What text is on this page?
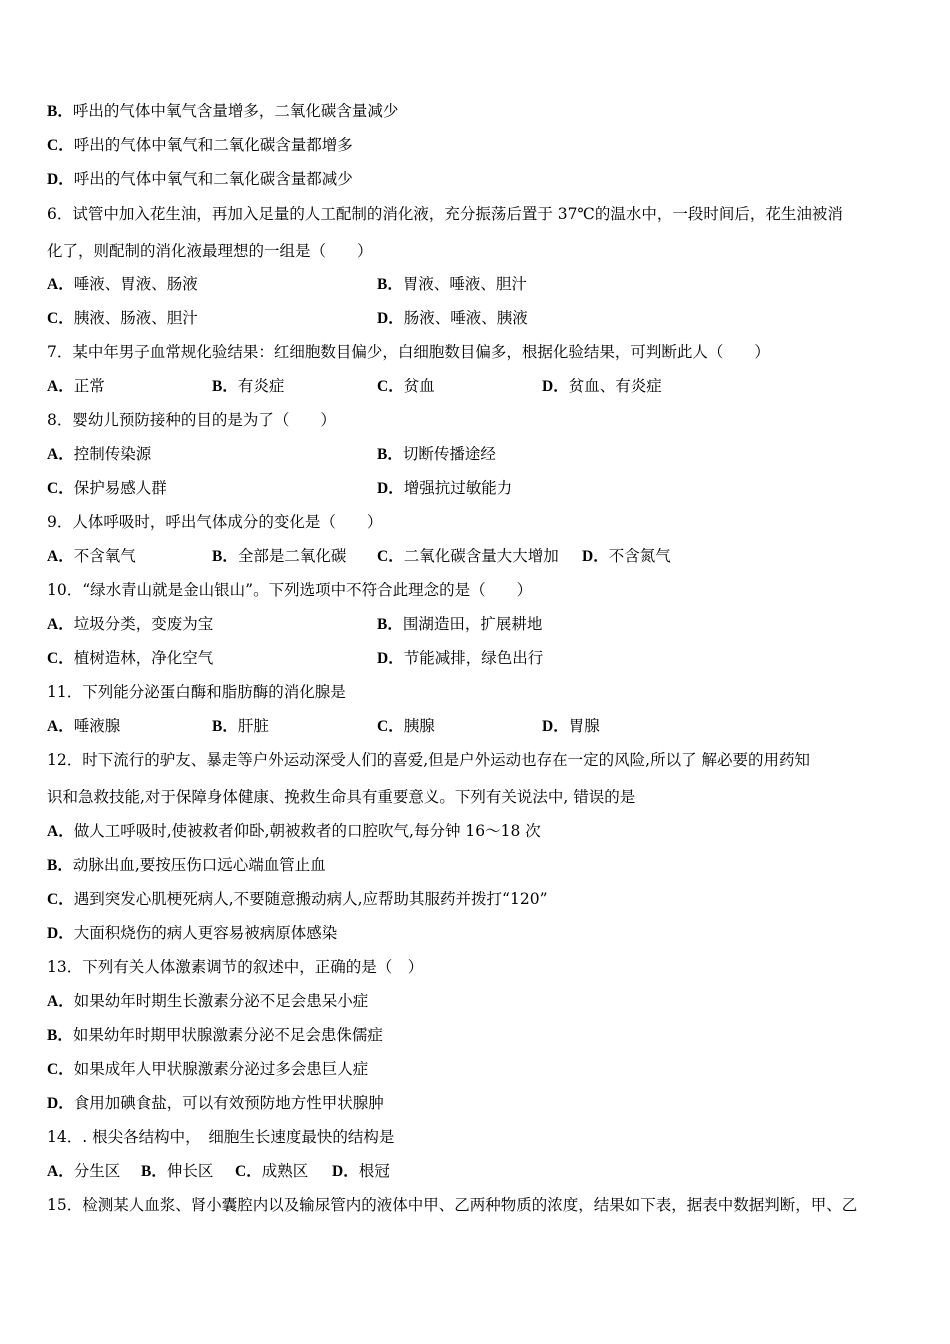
B．呼出的气体中氧气含量增多，二氧化碳含量减少
C．呼出的气体中氧气和二氧化碳含量都增多
D．呼出的气体中氧气和二氧化碳含量都减少
6．试管中加入花生油，再加入足量的人工配制的消化液，充分振荡后置于 37℃的温水中，一段时间后，花生油被消
化了，则配制的消化液最理想的一组是（　　）
A．唾液、胃液、肠液	B．胃液、唾液、胆汁
C．胰液、肠液、胆汁	D．肠液、唾液、胰液
7．某中年男子血常规化验结果：红细胞数目偏少，白细胞数目偏多，根据化验结果，可判断此人（　　）
A．正常	B．有炎症	C．贫血	D．贫血、有炎症
8．婴幼儿预防接种的目的是为了（　　）
A．控制传染源	B．切断传播途经
C．保护易感人群	D．增强抗过敏能力
9．人体呼吸时，呼出气体成分的变化是（　　）
A．不含氧气	B．全部是二氧化碳 C．二氧化碳含量大大增加 D．不含氮气
10．“绿水青山就是金山银山”。下列选项中不符合此理念的是（　　）
A．垃圾分类，变废为宝	B．围湖造田，扩展耕地
C．植树造林，净化空气	D．节能减排，绿色出行
11．下列能分泌蛋白酶和脂肪酶的消化腺是
A．唾液腺	B．肝脏	C．胰腺	D．胃腺
12．时下流行的驴友、暴走等户外运动深受人们的喜爱,但是户外运动也存在一定的风险,所以了 解必要的用药知
识和急救技能,对于保障身体健康、挽救生命具有重要意义。下列有关说法中, 错误的是
A．做人工呼吸时,使被救者仰卧,朝被救者的口腔吹气,每分钟 16～18 次
B．动脉出血,要按压伤口远心端血管止血
C．遇到突发心肌梗死病人,不要随意搬动病人,应帮助其服药并拨打“120”
D．大面积烧伤的病人更容易被病原体感染
13．下列有关人体激素调节的叙述中，正确的是（　）
A．如果幼年时期生长激素分泌不足会患呆小症
B．如果幼年时期甲状腺激素分泌不足会患侏儒症
C．如果成年人甲状腺激素分泌过多会患巨人症
D．食用加碘食盐，可以有效预防地方性甲状腺肿
14．. 根尖各结构中，　细胞生长速度最快的结构是
A．分生区 B．伸长区 C．成熟区 D．根冠
15．检测某人血浆、肾小囊腔内以及输尿管内的液体中甲、乙两种物质的浓度，结果如下表，据表中数据判断，甲、乙
